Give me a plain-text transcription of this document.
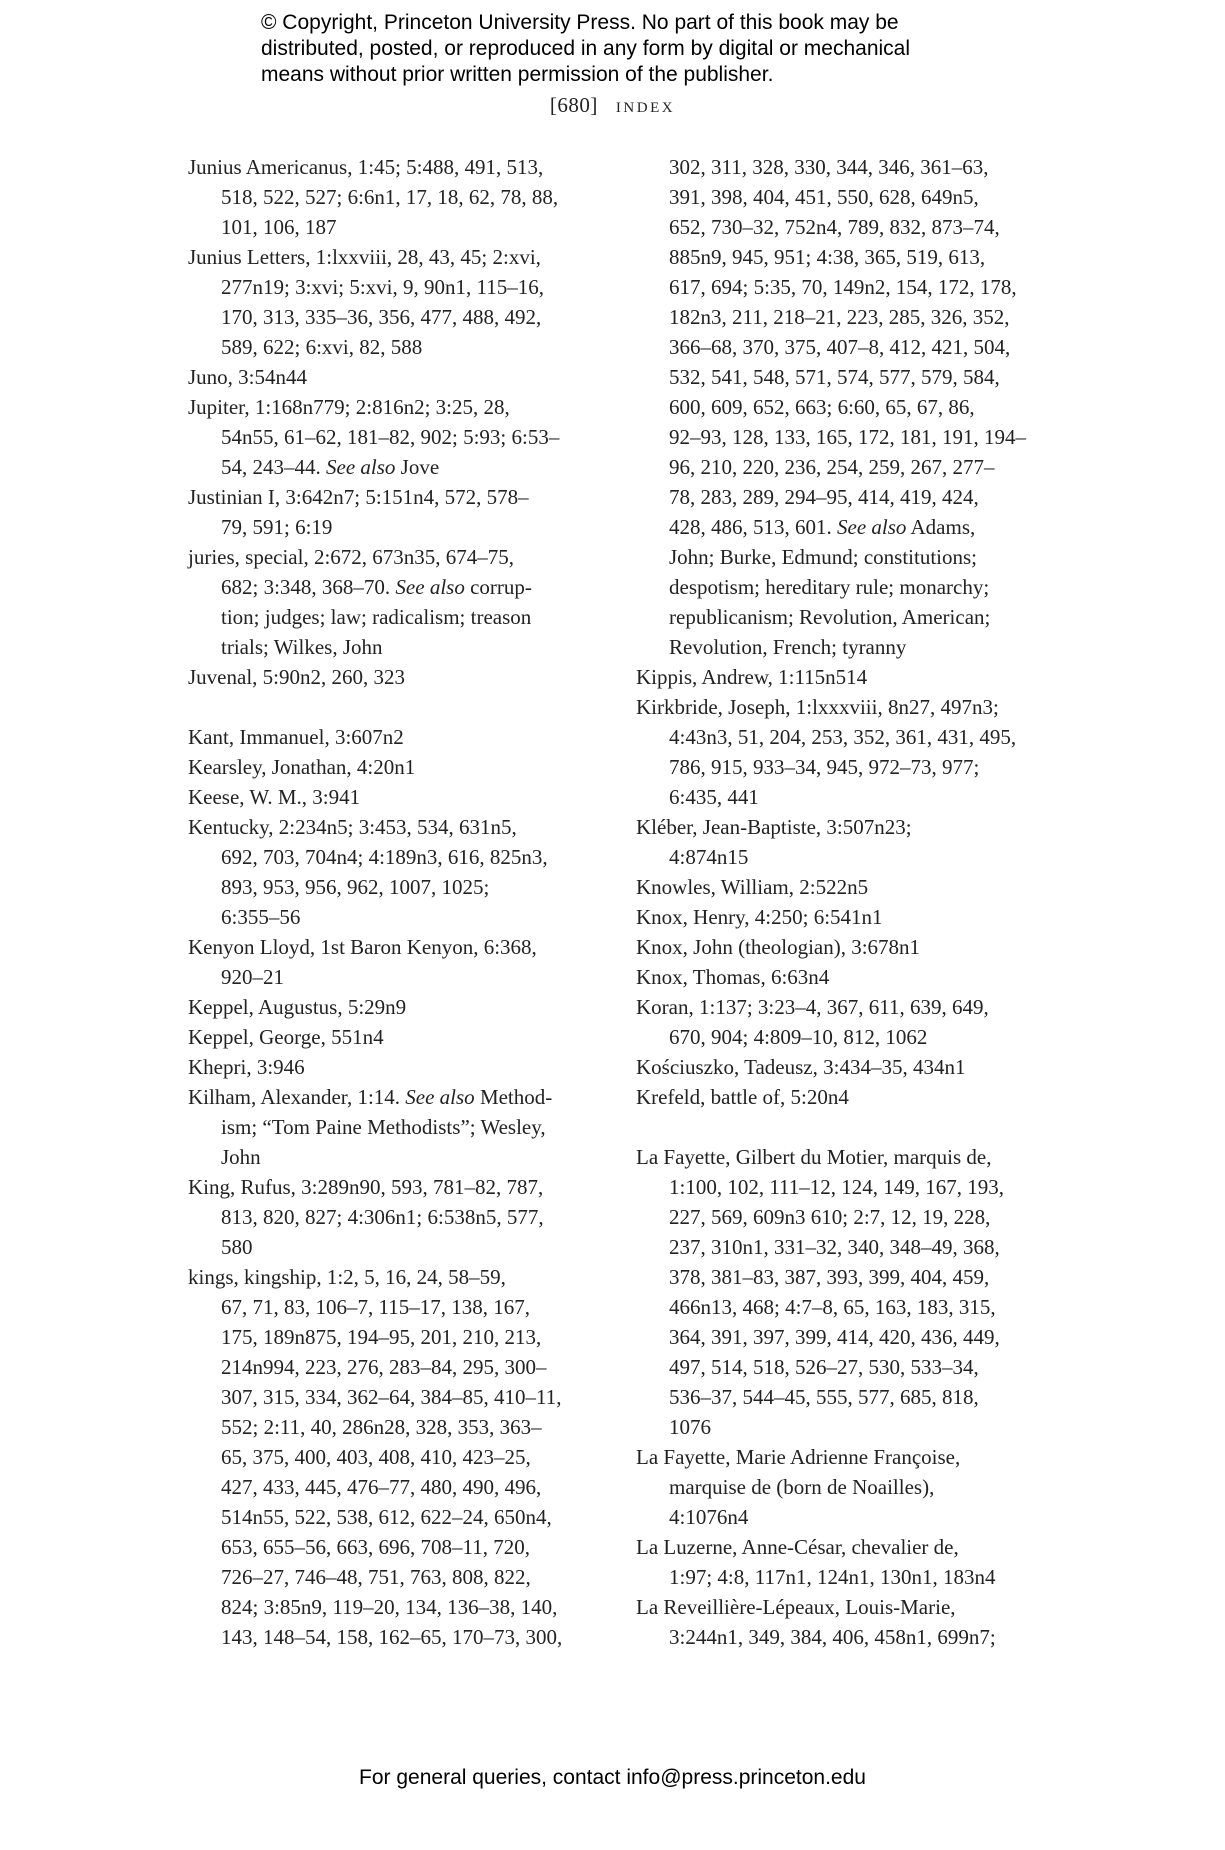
© Copyright, Princeton University Press. No part of this book may be
distributed, posted, or reproduced in any form by digital or mechanical
means without prior written permission of the publisher.
[680] index
Junius Americanus, 1:45; 5:488, 491, 513,
518, 522, 527; 6:6n1, 17, 18, 62, 78, 88,
101, 106, 187
Junius Letters, 1:lxxviii, 28, 43, 45; 2:xvi,
277n19; 3:xvi; 5:xvi, 9, 90n1, 115–16,
170, 313, 335–36, 356, 477, 488, 492,
589, 622; 6:xvi, 82, 588
Juno, 3:54n44
Jupiter, 1:168n779; 2:816n2; 3:25, 28,
54n55, 61–62, 181–82, 902; 5:93; 6:53–
54, 243–44. See also Jove
Justinian I, 3:642n7; 5:151n4, 572, 578–
79, 591; 6:19
juries, special, 2:672, 673n35, 674–75,
682; 3:348, 368–70. See also corrup-
tion; judges; law; radicalism; treason
trials; Wilkes, John
Juvenal, 5:90n2, 260, 323
Kant, Immanuel, 3:607n2
Kearsley, Jonathan, 4:20n1
Keese, W. M., 3:941
Kentucky, 2:234n5; 3:453, 534, 631n5,
692, 703, 704n4; 4:189n3, 616, 825n3,
893, 953, 956, 962, 1007, 1025;
6:355–56
Kenyon Lloyd, 1st Baron Kenyon, 6:368,
920–21
Keppel, Augustus, 5:29n9
Keppel, George, 551n4
Khepri, 3:946
Kilham, Alexander, 1:14. See also Method-
ism; “Tom Paine Methodists”; Wesley,
John
King, Rufus, 3:289n90, 593, 781–82, 787,
813, 820, 827; 4:306n1; 6:538n5, 577,
580
kings, kingship, 1:2, 5, 16, 24, 58–59,
67, 71, 83, 106–7, 115–17, 138, 167,
175, 189n875, 194–95, 201, 210, 213,
214n994, 223, 276, 283–84, 295, 300–
307, 315, 334, 362–64, 384–85, 410–11,
552; 2:11, 40, 286n28, 328, 353, 363–
65, 375, 400, 403, 408, 410, 423–25,
427, 433, 445, 476–77, 480, 490, 496,
514n55, 522, 538, 612, 622–24, 650n4,
653, 655–56, 663, 696, 708–11, 720,
726–27, 746–48, 751, 763, 808, 822,
824; 3:85n9, 119–20, 134, 136–38, 140,
143, 148–54, 158, 162–65, 170–73, 300,
302, 311, 328, 330, 344, 346, 361–63,
391, 398, 404, 451, 550, 628, 649n5,
652, 730–32, 752n4, 789, 832, 873–74,
885n9, 945, 951; 4:38, 365, 519, 613,
617, 694; 5:35, 70, 149n2, 154, 172, 178,
182n3, 211, 218–21, 223, 285, 326, 352,
366–68, 370, 375, 407–8, 412, 421, 504,
532, 541, 548, 571, 574, 577, 579, 584,
600, 609, 652, 663; 6:60, 65, 67, 86,
92–93, 128, 133, 165, 172, 181, 191, 194–
96, 210, 220, 236, 254, 259, 267, 277–
78, 283, 289, 294–95, 414, 419, 424,
428, 486, 513, 601. See also Adams,
John; Burke, Edmund; constitutions;
despotism; hereditary rule; monarchy;
republicanism; Revolution, American;
Revolution, French; tyranny
Kippis, Andrew, 1:115n514
Kirkbride, Joseph, 1:lxxxviii, 8n27, 497n3;
4:43n3, 51, 204, 253, 352, 361, 431, 495,
786, 915, 933–34, 945, 972–73, 977;
6:435, 441
Kléber, Jean-Baptiste, 3:507n23;
4:874n15
Knowles, William, 2:522n5
Knox, Henry, 4:250; 6:541n1
Knox, John (theologian), 3:678n1
Knox, Thomas, 6:63n4
Koran, 1:137; 3:23–4, 367, 611, 639, 649,
670, 904; 4:809–10, 812, 1062
Kościuszko, Tadeusz, 3:434–35, 434n1
Krefeld, battle of, 5:20n4
La Fayette, Gilbert du Motier, marquis de,
1:100, 102, 111–12, 124, 149, 167, 193,
227, 569, 609n3 610; 2:7, 12, 19, 228,
237, 310n1, 331–32, 340, 348–49, 368,
378, 381–83, 387, 393, 399, 404, 459,
466n13, 468; 4:7–8, 65, 163, 183, 315,
364, 391, 397, 399, 414, 420, 436, 449,
497, 514, 518, 526–27, 530, 533–34,
536–37, 544–45, 555, 577, 685, 818,
1076
La Fayette, Marie Adrienne Françoise,
marquise de (born de Noailles),
4:1076n4
La Luzerne, Anne-César, chevalier de,
1:97; 4:8, 117n1, 124n1, 130n1, 183n4
La Reveillière-Lépeaux, Louis-Marie,
3:244n1, 349, 384, 406, 458n1, 699n7;
For general queries, contact info@press.princeton.edu
